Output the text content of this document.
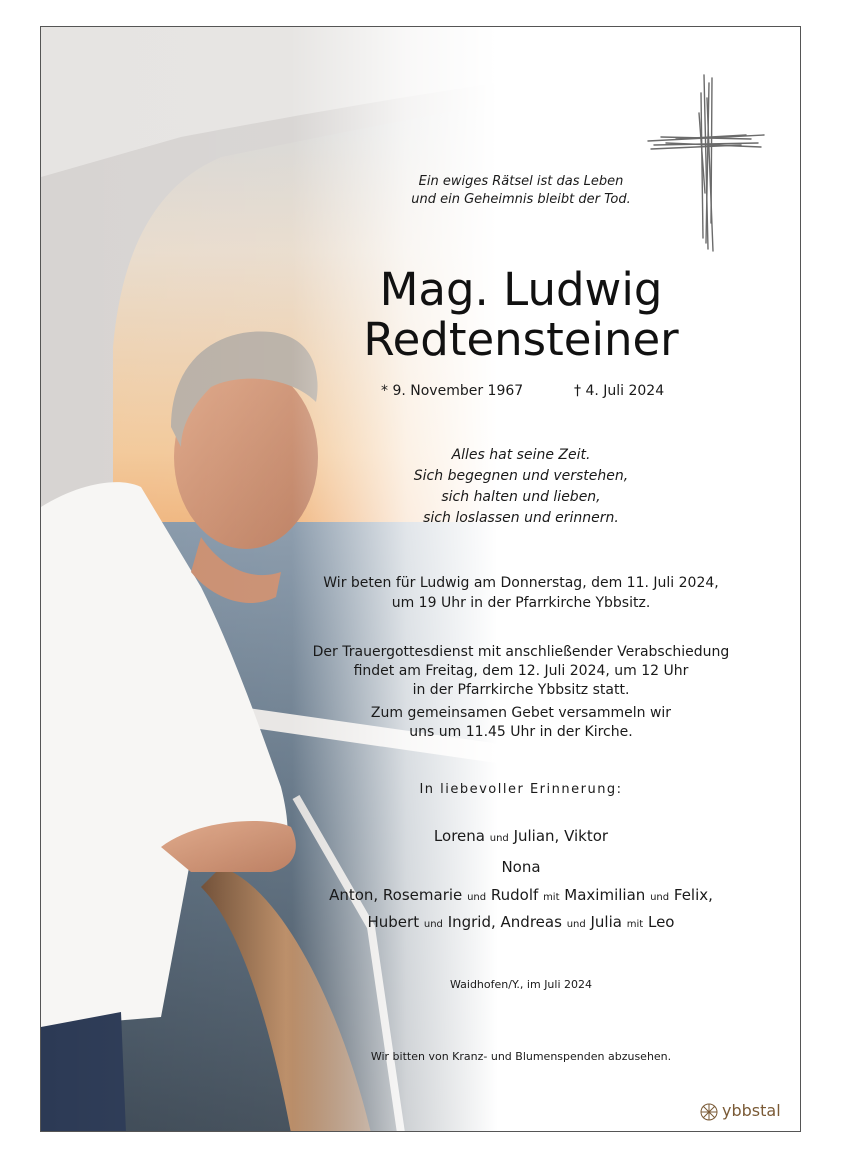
Ein ewiges Rätsel ist das Leben
und ein Geheimnis bleibt der Tod.
Mag. Ludwig
Redtensteiner
* 9. November 1967	† 4. Juli 2024
Alles hat seine Zeit.
Sich begegnen und verstehen,
sich halten und lieben,
sich loslassen und erinnern.
Wir beten für Ludwig am Donnerstag, dem 11. Juli 2024,
um 19 Uhr in der Pfarrkirche Ybbsitz.
Der Trauergottesdienst mit anschließender Verabschiedung
findet am Freitag, dem 12. Juli 2024, um 12 Uhr
in der Pfarrkirche Ybbsitz statt.
Zum gemeinsamen Gebet versammeln wir
uns um 11.45 Uhr in der Kirche.
In liebevoller Erinnerung:
Lorena und Julian, Viktor
Nona
Anton, Rosemarie und Rudolf mit Maximilian und Felix,
Hubert und Ingrid, Andreas und Julia mit Leo
Waidhofen/Y., im Juli 2024
Wir bitten von Kranz- und Blumenspenden abzusehen.
ybbstal
